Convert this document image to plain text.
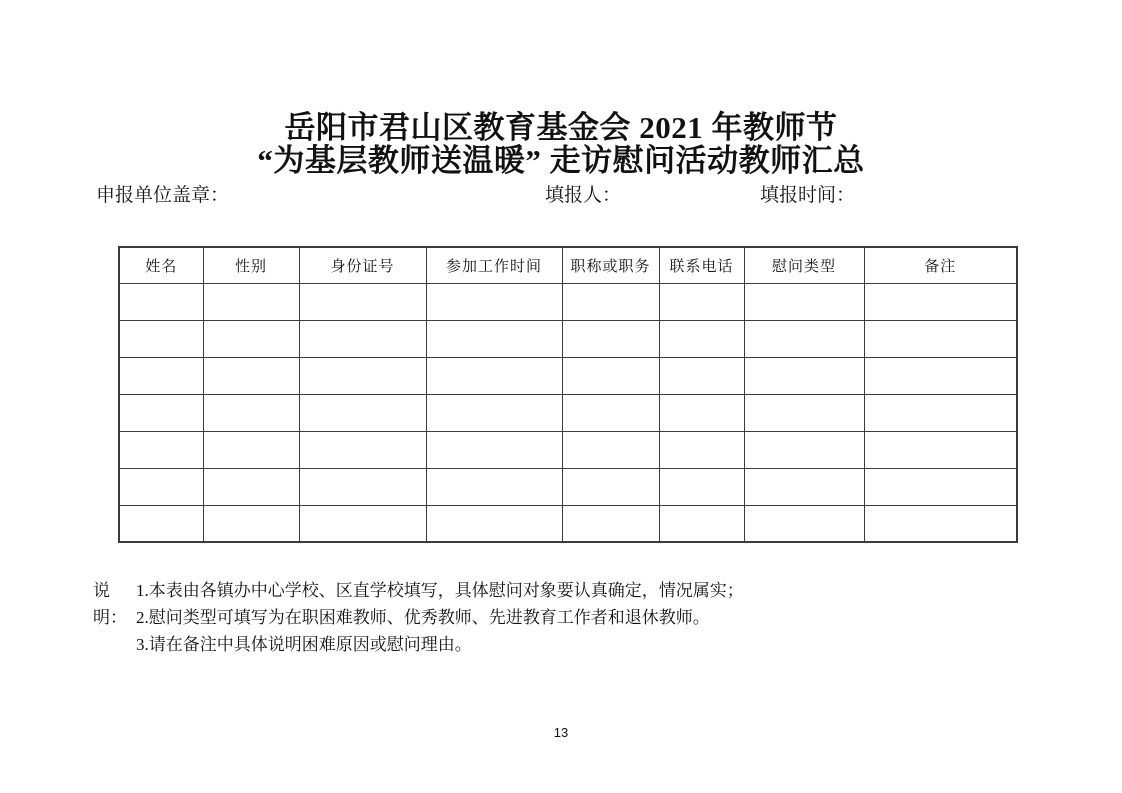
岳阳市君山区教育基金会 2021 年教师节
“为基层教师送温暖” 走访慰问活动教师汇总
申报单位盖章：	填报人：	填报时间：
姓名	性别	身份证号	参加工作时间	职称或职务	联系电话	慰问类型	备注

说明：
1.本表由各镇办中心学校、区直学校填写，具体慰问对象要认真确定，情况属实；
2.慰问类型可填写为在职困难教师、优秀教师、先进教育工作者和退休教师。
3.请在备注中具体说明困难原因或慰问理由。
13
